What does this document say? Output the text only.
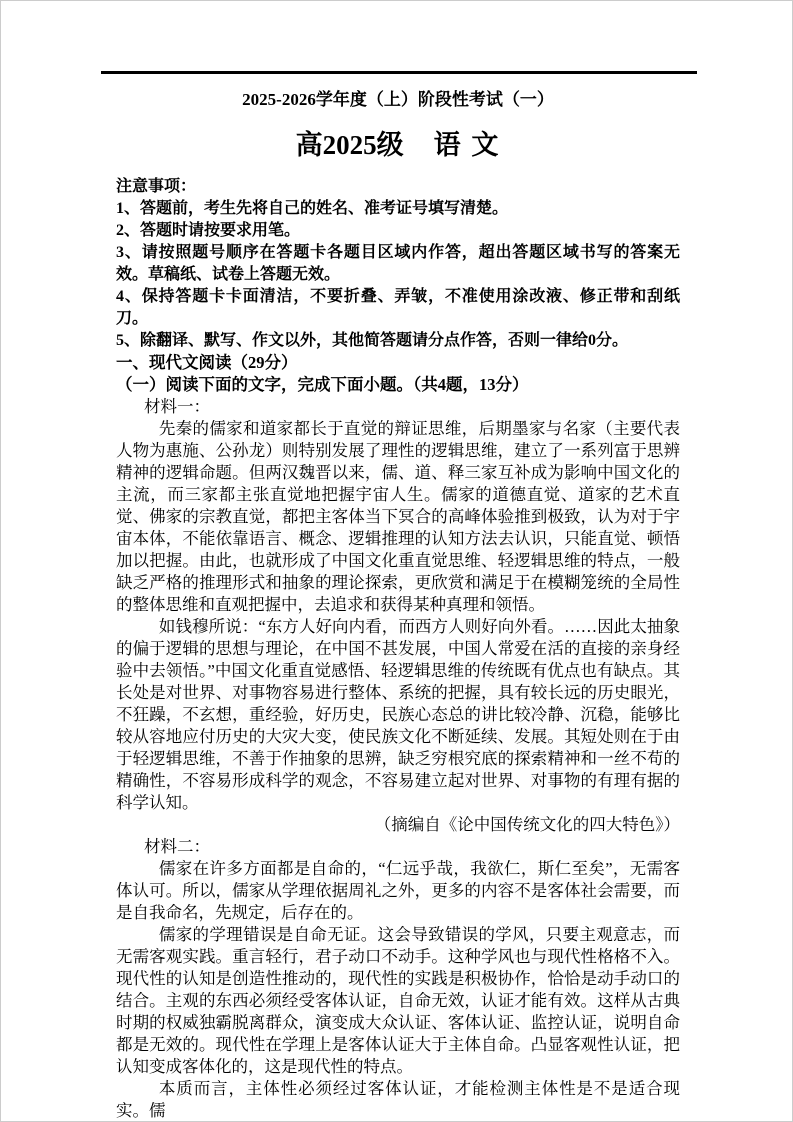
2025-2026学年度（上）阶段性考试（一）

高2025级 语 文

注意事项：

1、答题前，考生先将自己的姓名、准考证号填写清楚。

2、答题时请按要求用笔。

3、请按照题号顺序在答题卡各题目区域内作答，超出答题区域书写的答案无效。草稿纸、试卷上答题无效。

4、保持答题卡卡面清洁，不要折叠、弄皱，不准使用涂改液、修正带和刮纸刀。

5、除翻译、默写、作文以外，其他简答题请分点作答，否则一律给0分。

一、现代文阅读（29分）

（一）阅读下面的文字，完成下面小题。（共4题，13分）

材料一：

先秦的儒家和道家都长于直觉的辩证思维，后期墨家与名家（主要代表人物为惠施、公孙龙）则特别发展了理性的逻辑思维，建立了一系列富于思辨精神的逻辑命题。但两汉魏晋以来，儒、道、释三家互补成为影响中国文化的主流，而三家都主张直觉地把握宇宙人生。儒家的道德直觉、道家的艺术直觉、佛家的宗教直觉，都把主客体当下冥合的高峰体验推到极致，认为对于宇宙本体，不能依靠语言、概念、逻辑推理的认知方法去认识，只能直觉、顿悟加以把握。由此，也就形成了中国文化重直觉思维、轻逻辑思维的特点，一般缺乏严格的推理形式和抽象的理论探索，更欣赏和满足于在模糊笼统的全局性的整体思维和直观把握中，去追求和获得某种真理和领悟。

如钱穆所说：“东方人好向内看，而西方人则好向外看。……因此太抽象的偏于逻辑的思想与理论，在中国不甚发展，中国人常爱在活的直接的亲身经验中去领悟。”中国文化重直觉感悟、轻逻辑思维的传统既有优点也有缺点。其长处是对世界、对事物容易进行整体、系统的把握，具有较长远的历史眼光，不狂躁，不玄想，重经验，好历史，民族心态总的讲比较冷静、沉稳，能够比较从容地应付历史的大灾大变，使民族文化不断延续、发展。其短处则在于由于轻逻辑思维，不善于作抽象的思辨，缺乏穷根究底的探索精神和一丝不苟的精确性，不容易形成科学的观念，不容易建立起对世界、对事物的有理有据的科学认知。

（摘编自《论中国传统文化的四大特色》）

材料二：

儒家在许多方面都是自命的，“仁远乎哉，我欲仁，斯仁至矣”，无需客体认可。所以，儒家从学理依据周礼之外，更多的内容不是客体社会需要，而是自我命名，先规定，后存在的。

儒家的学理错误是自命无证。这会导致错误的学风，只要主观意志，而无需客观实践。重言轻行，君子动口不动手。这种学风也与现代性格格不入。现代性的认知是创造性推动的，现代性的实践是积极协作，恰恰是动手动口的结合。主观的东西必须经受客体认证，自命无效，认证才能有效。这样从古典时期的权威独霸脱离群众，演变成大众认证、客体认证、监控认证，说明自命都是无效的。现代性在学理上是客体认证大于主体自命。凸显客观性认证，把认知变成客体化的，这是现代性的特点。

本质而言，主体性必须经过客体认证，才能检测主体性是不是适合现实。儒
